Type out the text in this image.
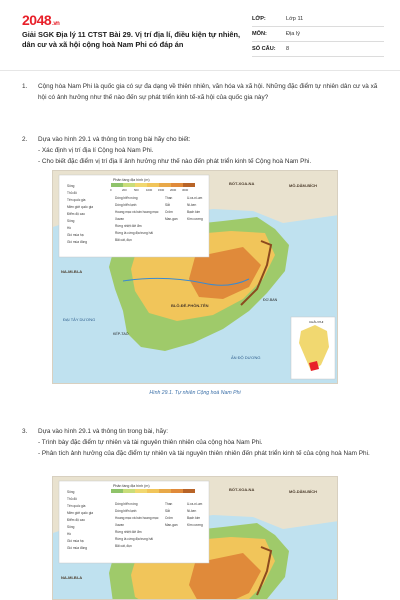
2048.vn
Giải SGK Địa lý 11 CTST Bài 29. Vị trí địa lí, điều kiện tự nhiên, dân cư và xã hội cộng hoà Nam Phi có đáp án
LỚP:	Lớp 11
MÔN:	Địa lý
SỐ CÂU: 8
1. Cộng hòa Nam Phi là quốc gia có sự đa dạng về thiên nhiên, văn hóa và xã hội. Những đặc điểm tự nhiên dân cư và xã hội có ảnh hưởng như thế nào đến sự phát triển kinh tế-xã hội của quốc gia này?
2. Dựa vào hình 29.1 và thông tin trong bài hãy cho biết:
- Xác định vị trí địa lí Cộng hoà Nam Phi.
- Cho biết đặc điểm vị trí địa lí ảnh hưởng như thế nào đến phát triển kinh tế Cộng hoà Nam Phi.
Phân tầng địa hình (m)
0	200	500	1000 1500 2000 3000
Sông
Thủ đô
Tên quốc gia
Miền giới quốc gia
Điểm độ cao
Sông
Hồ
Gió mùa hạ
Gió mùa đông
Dòng biển nóng
Dòng biển lạnh
Hoang mạc và bán hoang mạc
Xavan
Rừng nhiệt đới ẩm
Rừng lá cứng địa trung hải
Bãi cát, đụn
Than
Sắt
Crôm
Man-gan
U-ra-ni-um
Ni-ken
Bạch kim
Kim cương
BỐT-XOA-NA	MÔ-DĂM-BÍCH
NA-MI-BI-A
BLÔ-ĐÊ-PHÔN-TÊN
ĐẠI TÂY DƯƠNG
ẤN ĐỘ DƯƠNG
KẾP-TAO
ĐƠ-BAN
CHÂU PHI
Hình 29.1. Tự nhiên Cộng hoà Nam Phi
3. Dựa vào hình 29.1 và thông tin trong bài, hãy:
- Trình bày đặc điểm tự nhiên và tài nguyên thiên nhiên của cộng hòa Nam Phi.
- Phân tích ảnh hưởng của đặc điểm tự nhiên và tài nguyên thiên nhiên đến phát triển kinh tế của cộng hoà Nam Phi.
Phân tầng địa hình (m)
Sông
Thủ đô
Tên quốc gia
Miền giới quốc gia
Điểm độ cao
Sông
Hồ
Gió mùa hạ
Gió mùa đông
Dòng biển nóng
Dòng biển lạnh
Hoang mạc và bán hoang mạc
Xavan
Rừng nhiệt đới ẩm
Rừng lá cứng địa trung hải
Bãi cát, đụn
Than
Sắt
Crôm
Man-gan
U-ra-ni-um
Ni-ken
Bạch kim
Kim cương
BỐT-XOA-NA	MÔ-DĂM-BÍCH
NA-MI-BI-A
